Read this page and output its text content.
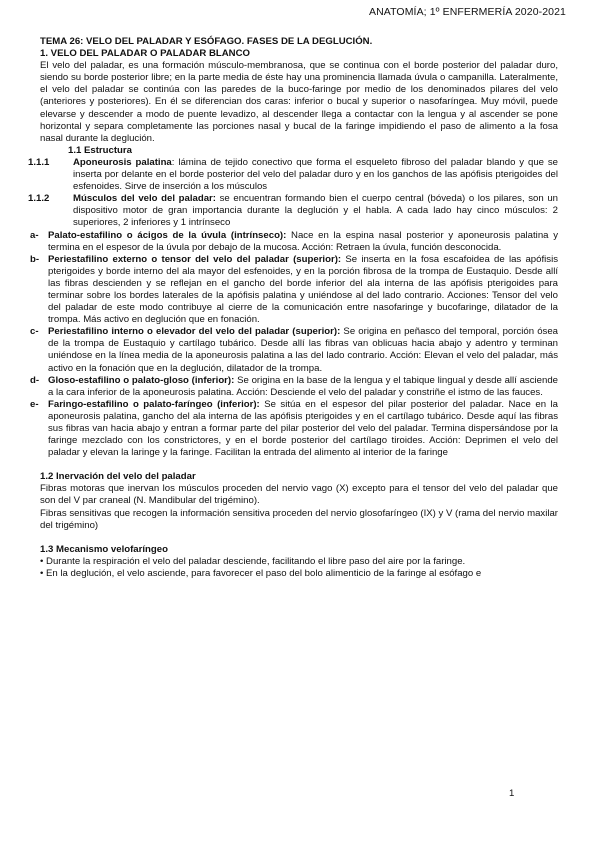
ANATOMÍA; 1º ENFERMERÍA 2020-2021

TEMA 26: VELO DEL PALADAR Y ESÓFAGO. FASES DE LA DEGLUCIÓN.

1. VELO DEL PALADAR O PALADAR BLANCO

El velo del paladar, es una formación músculo-membranosa, que se continua con el borde posterior del paladar duro, siendo su borde posterior libre; en la parte media de éste hay una prominencia llamada úvula o campanilla. Lateralmente, el velo del paladar se continúa con las paredes de la buco-faringe por medio de los denominados pilares del velo (anteriores y posteriores). En él se diferencian dos caras: inferior o bucal y superior o nasofaríngea. Muy móvil, puede elevarse y descender a modo de puente levadizo, al descender llega a contactar con la lengua y al ascender se pone horizontal y separa completamente las porciones nasal y bucal de la faringe impidiendo el paso de alimento a la fosa nasal durante la deglución.

1.1 Estructura

1.1.1 Aponeurosis palatina: lámina de tejido conectivo que forma el esqueleto fibroso del paladar blando y que se inserta por delante en el borde posterior del velo del paladar duro y en los ganchos de las apófisis pterigoides del esfenoides. Sirve de inserción a los músculos
1.1.2 Músculos del velo del paladar: se encuentran formando bien el cuerpo central (bóveda) o los pilares, son un dispositivo motor de gran importancia durante la deglución y el habla. A cada lado hay cinco músculos: 2 superiores, 2 inferiores y 1 intrínseco
a- Palato-estafilino o ácigos de la úvula (intrínseco): Nace en la espina nasal posterior y aponeurosis palatina y termina en el espesor de la úvula por debajo de la mucosa. Acción: Retraen la úvula, función desconocida.
b- Periestafilino externo o tensor del velo del paladar (superior): Se inserta en la fosa escafoidea de las apófisis pterigoides y borde interno del ala mayor del esfenoides, y en la porción fibrosa de la trompa de Eustaquio. Desde allí las fibras descienden y se reflejan en el gancho del borde inferior del ala interna de las apófisis pterigoides para terminar sobre los bordes laterales de la apófisis palatina y uniéndose al del lado contrario. Acciones: Tensor del velo del paladar de este modo contribuye al cierre de la comunicación entre nasofaringe y bucofaringe, dilatador de la trompa. Más activo en deglución que en fonación.
c- Periestafilino interno o elevador del velo del paladar (superior): Se origina en peñasco del temporal, porción ósea de la trompa de Eustaquio y cartílago tubárico. Desde allí las fibras van oblicuas hacia abajo y adentro y terminan uniéndose en la línea media de la aponeurosis palatina a las del lado contrario. Acción: Elevan el velo del paladar, más activo en la fonación que en la deglución, dilatador de la trompa.
d- Gloso-estafilino o palato-gloso (inferior): Se origina en la base de la lengua y el tabique lingual y desde allí asciende a la cara inferior de la aponeurosis palatina. Acción: Desciende el velo del paladar y constriñe el istmo de las fauces.
e- Faringo-estafilino o palato-faríngeo (inferior): Se sitúa en el espesor del pilar posterior del paladar. Nace en la aponeurosis palatina, gancho del ala interna de las apófisis pterigoides y en el cartílago tubárico. Desde aquí las fibras sus fibras van hacia abajo y entran a formar parte del pilar posterior del velo del paladar. Termina dispersándose por la faringe mezclado con los constrictores, y en el borde posterior del cartílago tiroides. Acción: Deprimen el velo del paladar y elevan la laringe y la faringe. Facilitan la entrada del alimento al interior de la faringe

1.2 Inervación del velo del paladar

Fibras motoras que inervan los músculos proceden del nervio vago (X) excepto para el tensor del velo del paladar que son del V par craneal (N. Mandibular del trigémino).

Fibras sensitivas que recogen la información sensitiva proceden del nervio glosofaríngeo (IX) y V (rama del nervio maxilar del trigémino)

1.3 Mecanismo velofaríngeo

• Durante la respiración el velo del paladar desciende, facilitando el libre paso del aire por la faringe.

• En la deglución, el velo asciende, para favorecer el paso del bolo alimenticio de la faringe al esófago e

1
